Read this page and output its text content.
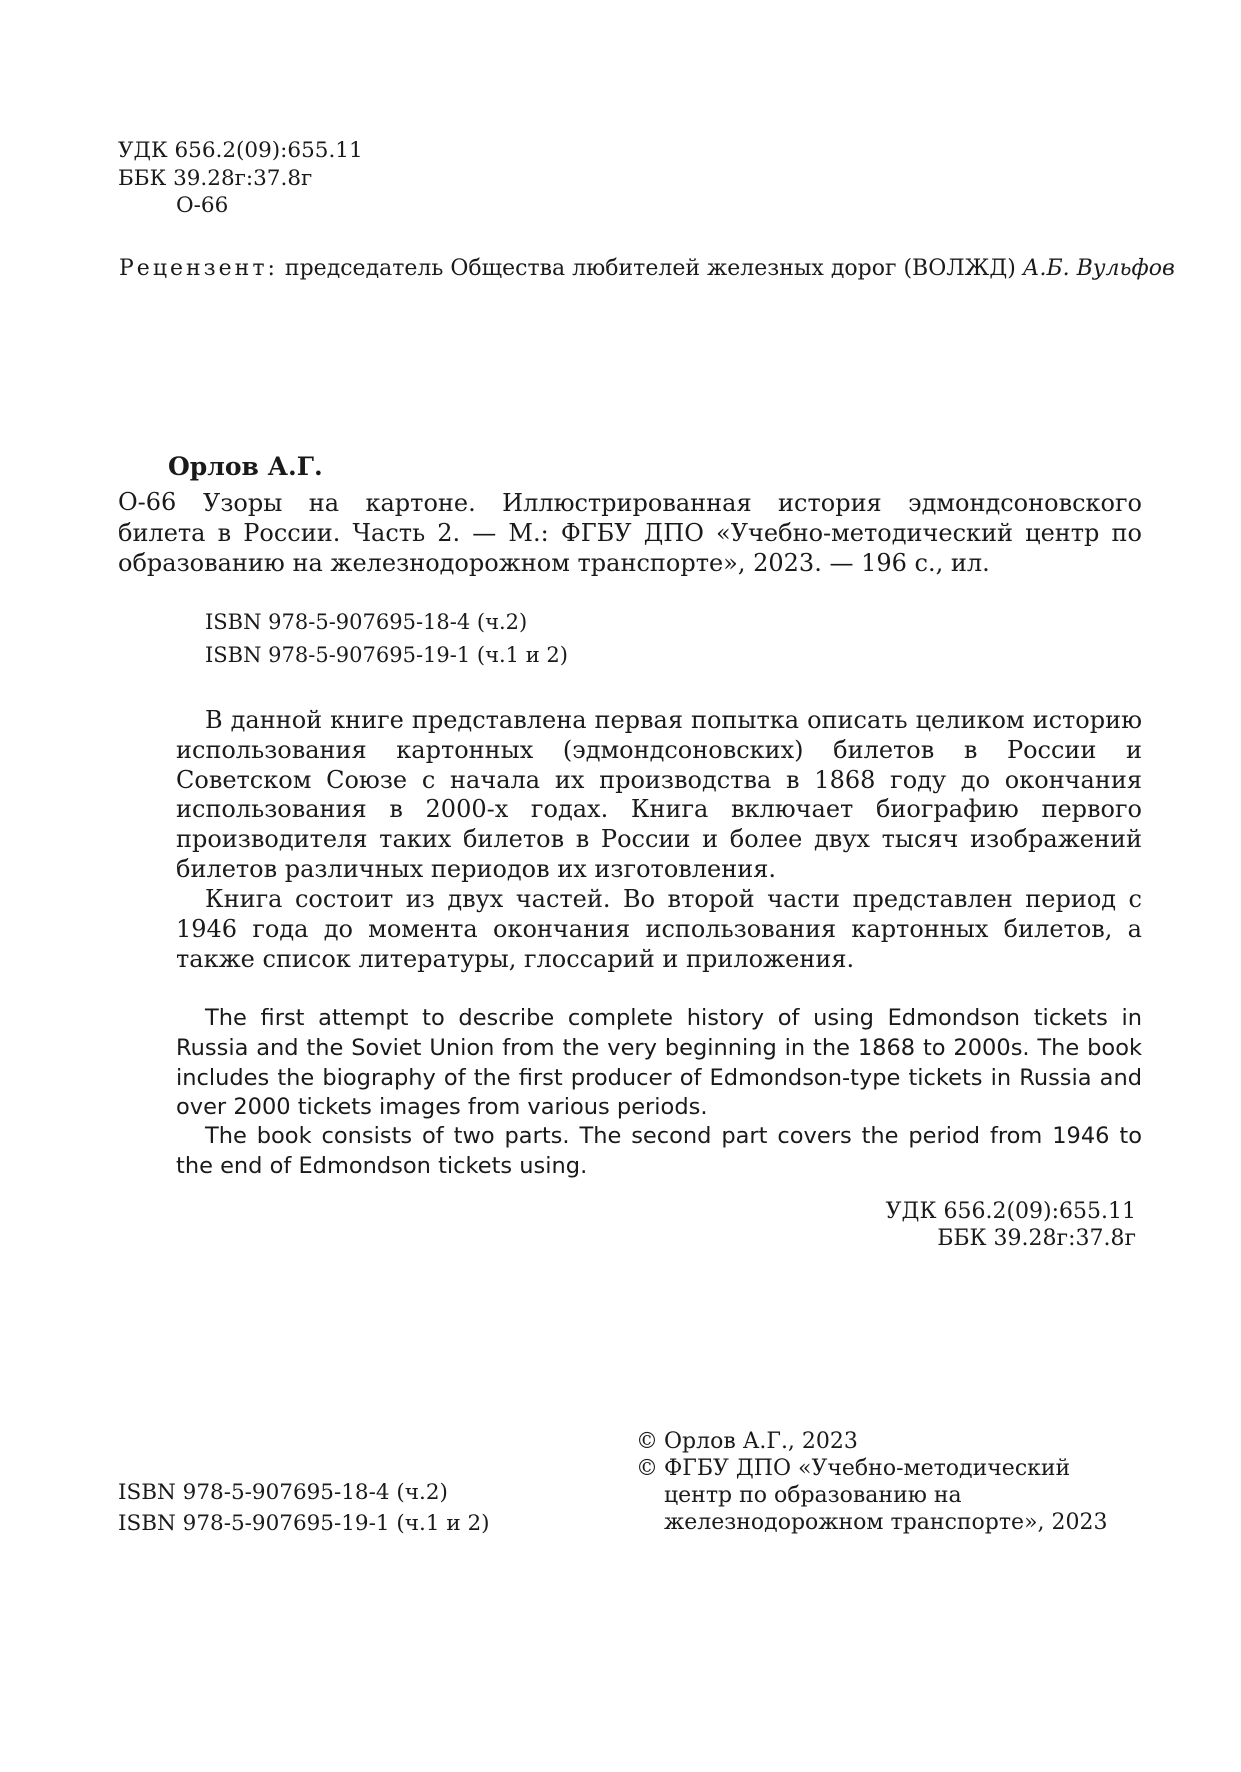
УДК 656.2(09):655.11
ББК 39.28г:37.8г
О-66
Рецензент: председатель Общества любителей железных дорог (ВОЛЖД) А.Б. Вульфов
Орлов А.Г.
О-66	Узоры на картоне. Иллюстрированная история эдмондсоновского билета в России. Часть 2. — М.: ФГБУ ДПО «Учебно-методический центр по образованию на железнодорожном транспорте», 2023. — 196 с., ил.

ISBN 978-5-907695-18-4 (ч.2)
ISBN 978-5-907695-19-1 (ч.1 и 2)

В данной книге представлена первая попытка описать целиком историю использования картонных (эдмондсоновских) билетов в России и Советском Союзе с начала их производства в 1868 году до окончания использования в 2000-х годах. Книга включает биографию первого производителя таких билетов в России и более двух тысяч изображений билетов различных периодов их изготовления.

Книга состоит из двух частей. Во второй части представлен период с 1946 года до момента окончания использования картонных билетов, а также список литературы, глоссарий и приложения.

The first attempt to describe complete history of using Edmondson tickets in Russia and the Soviet Union from the very beginning in the 1868 to 2000s. The book includes the biography of the first producer of Edmondson-type tickets in Russia and over 2000 tickets images from various periods.

The book consists of two parts. The second part covers the period from 1946 to the end of Edmondson tickets using.

УДК 656.2(09):655.11
ББК 39.28г:37.8г
ISBN 978-5-907695-18-4 (ч.2)
ISBN 978-5-907695-19-1 (ч.1 и 2)
© Орлов А.Г., 2023
© ФГБУ ДПО «Учебно-методический центр по образованию на железнодорожном транспорте», 2023
